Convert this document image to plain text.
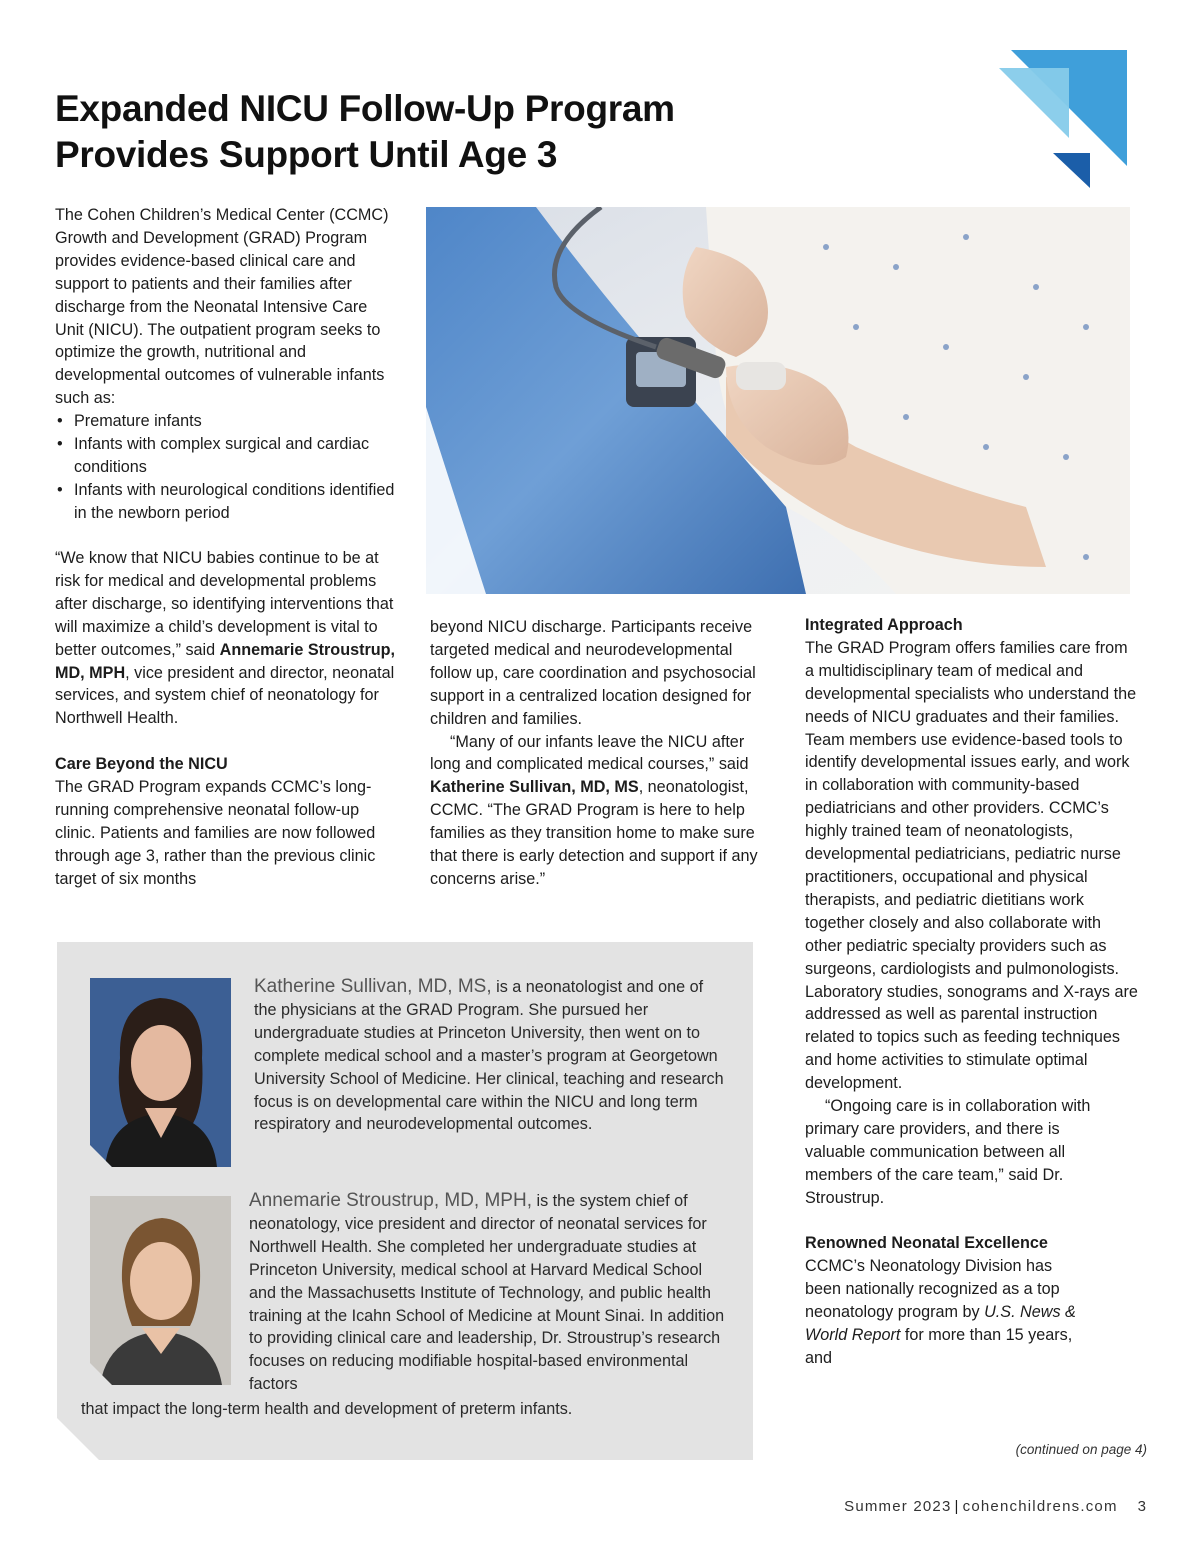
Expanded NICU Follow-Up Program
Provides Support Until Age 3

The Cohen Children’s Medical Center (CCMC) Growth and Development (GRAD) Program provides evidence-based clinical care and support to patients and their families after discharge from the Neonatal Intensive Care Unit (NICU). The outpatient program seeks to optimize the growth, nutritional and developmental outcomes of vulnerable infants such as:

• Premature infants
• Infants with complex surgical and cardiac conditions
• Infants with neurological conditions identified in the newborn period

“We know that NICU babies continue to be at risk for medical and developmental problems after discharge, so identifying interventions that will maximize a child’s development is vital to better outcomes,” said Annemarie Stroustrup, MD, MPH, vice president and director, neonatal services, and system chief of neonatology for Northwell Health.

Care Beyond the NICU

The GRAD Program expands CCMC’s long-running comprehensive neonatal follow-up clinic. Patients and families are now followed through age 3, rather than the previous clinic target of six months

beyond NICU discharge. Participants receive targeted medical and neurodevelopmental follow up, care coordination and psychosocial support in a centralized location designed for children and families.

“Many of our infants leave the NICU after long and complicated medical courses,” said Katherine Sullivan, MD, MS, neonatologist, CCMC. “The GRAD Program is here to help families as they transition home to make sure that there is early detection and support if any concerns arise.”

Integrated Approach

The GRAD Program offers families care from a multidisciplinary team of medical and developmental specialists who understand the needs of NICU graduates and their families. Team members use evidence-based tools to identify developmental issues early, and work in collaboration with community-based pediatricians and other providers. CCMC’s highly trained team of neonatologists, developmental pediatricians, pediatric nurse practitioners, occupational and physical therapists, and pediatric dietitians work together closely and also collaborate with other pediatric specialty providers such as surgeons, cardiologists and pulmonologists. Laboratory studies, sonograms and X-rays are addressed as well as parental instruction related to topics such as feeding techniques and home activities to stimulate optimal development.

“Ongoing care is in collaboration with primary care providers, and there is valuable communication between all members of the care team,” said Dr. Stroustrup.

Renowned Neonatal Excellence

CCMC’s Neonatology Division has been nationally recognized as a top neonatology program by U.S. News & World Report for more than 15 years, and

(continued on page 4)

Katherine Sullivan, MD, MS, is a neonatologist and one of the physicians at the GRAD Program. She pursued her undergraduate studies at Princeton University, then went on to complete medical school and a master’s program at Georgetown University School of Medicine. Her clinical, teaching and research focus is on developmental care within the NICU and long term respiratory and neurodevelopmental outcomes.

Annemarie Stroustrup, MD, MPH, is the system chief of neonatology, vice president and director of neonatal services for Northwell Health. She completed her undergraduate studies at Princeton University, medical school at Harvard Medical School and the Massachusetts Institute of Technology, and public health training at the Icahn School of Medicine at Mount Sinai. In addition to providing clinical care and leadership, Dr. Stroustrup’s research focuses on reducing modifiable hospital-based environmental factors

that impact the long-term health and development of preterm infants.
Summer 2023 | cohenchildrens.com 3
